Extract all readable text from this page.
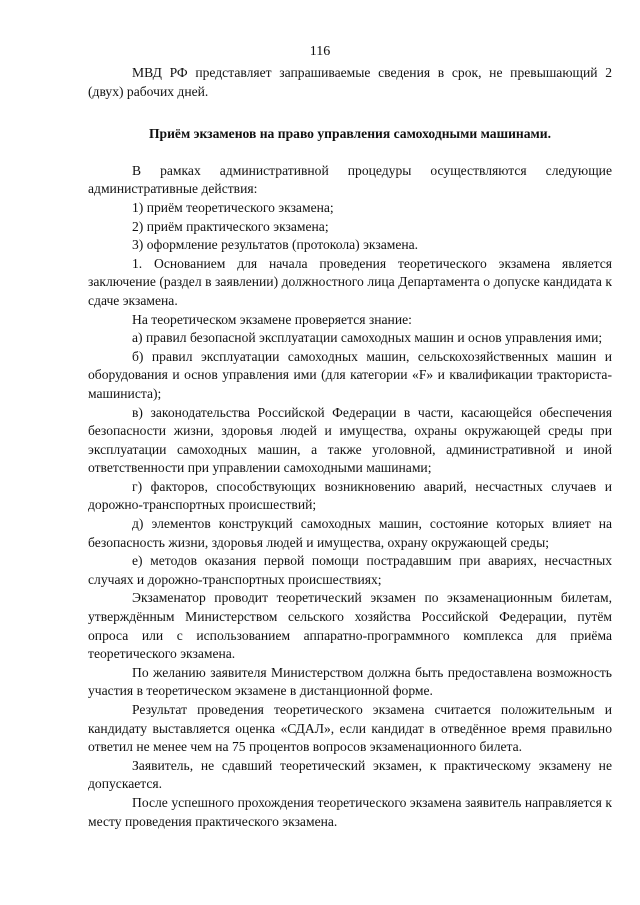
116

МВД РФ представляет запрашиваемые сведения в срок, не превышающий 2 (двух) рабочих дней.

Приём экзаменов на право управления самоходными машинами.

В рамках административной процедуры осуществляются следующие административные действия:

1) приём теоретического экзамена;

2) приём практического экзамена;

3) оформление результатов (протокола) экзамена.

1. Основанием для начала проведения теоретического экзамена является заключение (раздел в заявлении) должностного лица Департамента о допуске кандидата к сдаче экзамена.

На теоретическом экзамене проверяется знание:

а) правил безопасной эксплуатации самоходных машин и основ управления ими;

б) правил эксплуатации самоходных машин, сельскохозяйственных машин и оборудования и основ управления ими (для категории «F» и квалификации тракториста-машиниста);

в) законодательства Российской Федерации в части, касающейся обеспечения безопасности жизни, здоровья людей и имущества, охраны окружающей среды при эксплуатации самоходных машин, а также уголовной, административной и иной ответственности при управлении самоходными машинами;

г) факторов, способствующих возникновению аварий, несчастных случаев и дорожно-транспортных происшествий;

д) элементов конструкций самоходных машин, состояние которых влияет на безопасность жизни, здоровья людей и имущества, охрану окружающей среды;

е) методов оказания первой помощи пострадавшим при авариях, несчастных случаях и дорожно-транспортных происшествиях;

Экзаменатор проводит теоретический экзамен по экзаменационным билетам, утверждённым Министерством сельского хозяйства Российской Федерации, путём опроса или с использованием аппаратно-программного комплекса для приёма теоретического экзамена.

По желанию заявителя Министерством должна быть предоставлена возможность участия в теоретическом экзамене в дистанционной форме.

Результат проведения теоретического экзамена считается положительным и кандидату выставляется оценка «СДАЛ», если кандидат в отведённое время правильно ответил не менее чем на 75 процентов вопросов экзаменационного билета.

Заявитель, не сдавший теоретический экзамен, к практическому экзамену не допускается.

После успешного прохождения теоретического экзамена заявитель направляется к месту проведения практического экзамена.
